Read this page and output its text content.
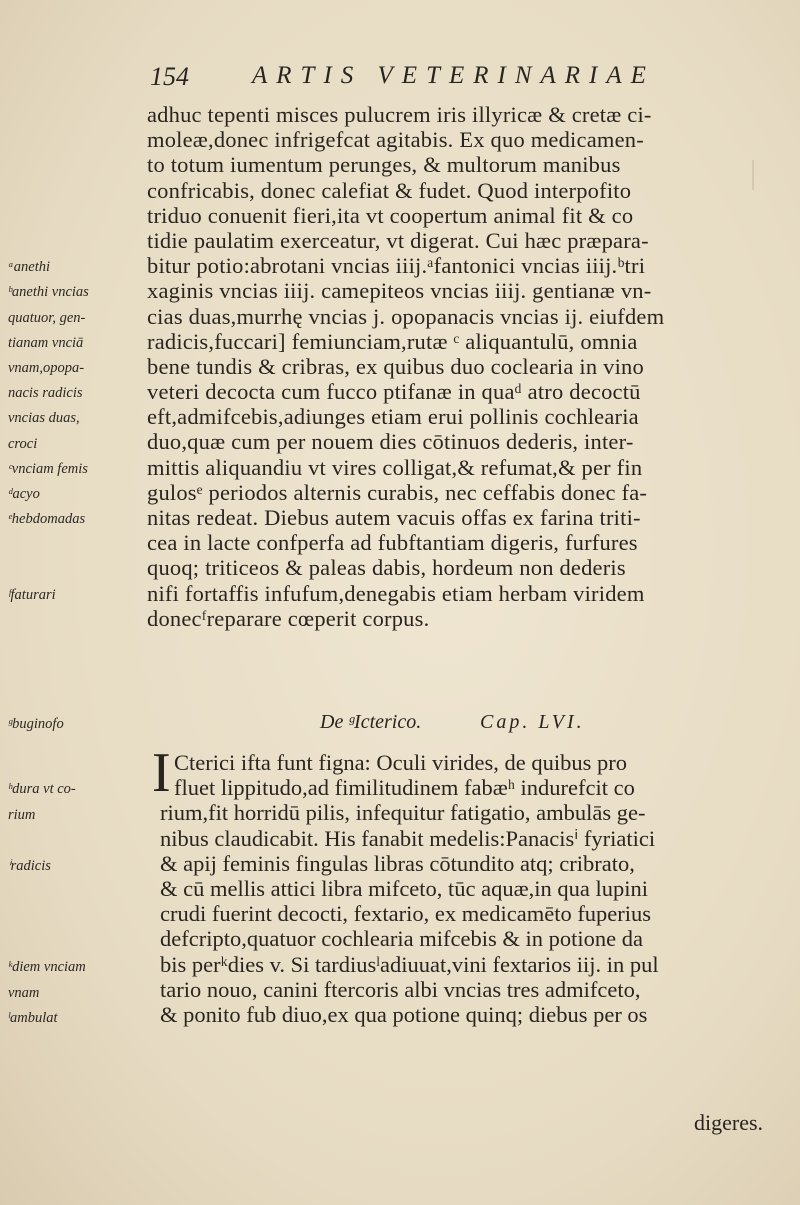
154	ARTIS VETERINARIAE
adhuc tepenti misces pulucrem iris illyricæ & cretæ ci-
moleæ,donec infrigefcat agitabis. Ex quo medicamen-
to totum iumentum perunges, & multorum manibus
confricabis, donec calefiat & fudet. Quod interpofito
triduo conuenit fieri,ita vt coopertum animal fit & co
tidie paulatim exerceatur, vt digerat. Cui hæc præpara-
bitur potio:abrotani vncias iiij.ᵃfantonici vncias iiij.ᵇtri
xaginis vncias iiij. camepiteos vncias iiij. gentianæ vn-
cias duas,murrhę vncias j. opopanacis vncias ij. eiufdem
radicis,fuccari] femiunciam,rutæ ᶜ aliquantulū, omnia
bene tundis & cribras, ex quibus duo coclearia in vino
veteri decocta cum fucco ptifanæ in quaᵈ atro decoctū
eft,admifcebis,adiunges etiam erui pollinis cochlearia
duo,quæ cum per nouem dies cōtinuos dederis, inter-
mittis aliquandiu vt vires colligat,& refumat,& per fin
gulosᵉ periodos alternis curabis, nec ceffabis donec fa-
nitas redeat. Diebus autem vacuis offas ex farina triti-
cea in lacte confperfa ad fubftantiam digeris, furfures
quoq; triticeos & paleas dabis, hordeum non dederis
nifi fortaffis infufum,denegabis etiam herbam viridem
donecᶠreparare cœperit corpus.
De ᵍIcterico.	Cap. LVI.
I Cterici ifta funt figna: Oculi virides, de quibus pro
fluet lippitudo,ad fimilitudinem fabæʰ indurefcit co
rium,fit horridū pilis, infequitur fatigatio, ambulās ge-
nibus claudicabit. His fanabit medelis:Panacisⁱ fyriatici
& apij feminis fingulas libras cōtundito atq; cribrato,
& cū mellis attici libra mifceto, tūc aquæ,in qua lupini
crudi fuerint decocti, fextario, ex medicamēto fuperius
defcripto,quatuor cochlearia mifcebis & in potione da
bis perᵏdies v. Si tardiusˡadiuuat,vini fextarios iij. in pul
tario nouo, canini ftercoris albi vncias tres admifceto,
& ponito fub diuo,ex qua potione quinq; diebus per os
digeres.
ᵃanethi
ᵇanethi vncias
quatuor, gen-
tianam vnciā
vnam,opopa-
nacis radicis
vncias duas,
croci
ᶜvnciam femis
ᵈacyo
ᵉhebdomadas
ᶠfaturari
ᵍbuginofo
ʰdura vt co-
rium
ⁱradicis
ᵏdiem vnciam
vnam
ˡambulat
